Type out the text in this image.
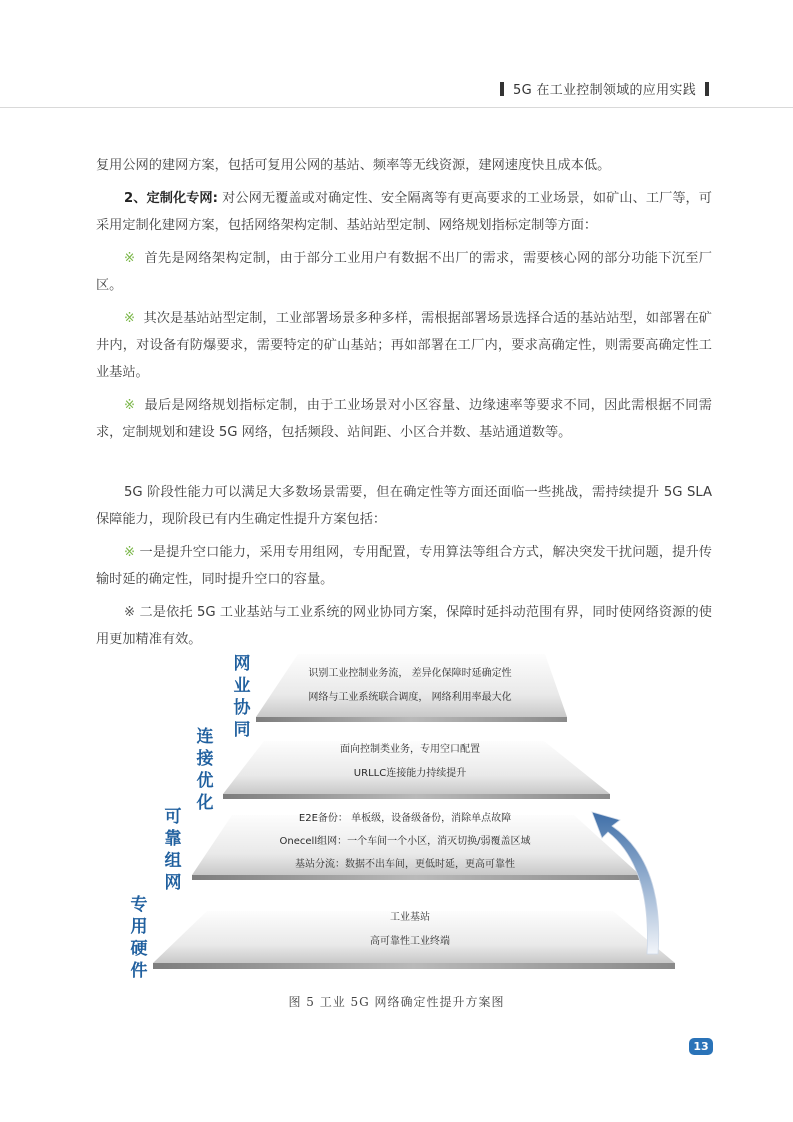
5G 在工业控制领域的应用实践

复用公网的建网方案，包括可复用公网的基站、频率等无线资源，建网速度快且成本低。

2、定制化专网: 对公网无覆盖或对确定性、安全隔离等有更高要求的工业场景，如矿山、工厂等，可采用定制化建网方案，包括网络架构定制、基站站型定制、网络规划指标定制等方面：

※ 首先是网络架构定制，由于部分工业用户有数据不出厂的需求，需要核心网的部分功能下沉至厂区。

※ 其次是基站站型定制，工业部署场景多种多样，需根据部署场景选择合适的基站站型，如部署在矿井内，对设备有防爆要求，需要特定的矿山基站；再如部署在工厂内，要求高确定性，则需要高确定性工业基站。

※ 最后是网络规划指标定制，由于工业场景对小区容量、边缘速率等要求不同，因此需根据不同需求，定制规划和建设 5G 网络，包括频段、站间距、小区合并数、基站通道数等。

5G 阶段性能力可以满足大多数场景需要，但在确定性等方面还面临一些挑战，需持续提升 5G SLA 保障能力，现阶段已有内生确定性提升方案包括：

※ 一是提升空口能力，采用专用组网，专用配置，专用算法等组合方式，解决突发干扰问题，提升传输时延的确定性，同时提升空口的容量。

※ 二是依托 5G 工业基站与工业系统的网业协同方案，保障时延抖动范围有界，同时使网络资源的使用更加精准有效。

网
业
协
同
连
接
优
化
可
靠
组
网
专
用
硬
件
识别工业控制业务流， 差异化保障时延确定性
网络与工业系统联合调度， 网络利用率最大化
面向控制类业务，专用空口配置
URLLC连接能力持续提升
E2E备份： 单板级，设备级备份，消除单点故障
Onecell组网：一个车间一个小区，消灭切换/弱覆盖区域
基站分流：数据不出车间，更低时延，更高可靠性
工业基站
高可靠性工业终端
图 5 工业 5G 网络确定性提升方案图
13
